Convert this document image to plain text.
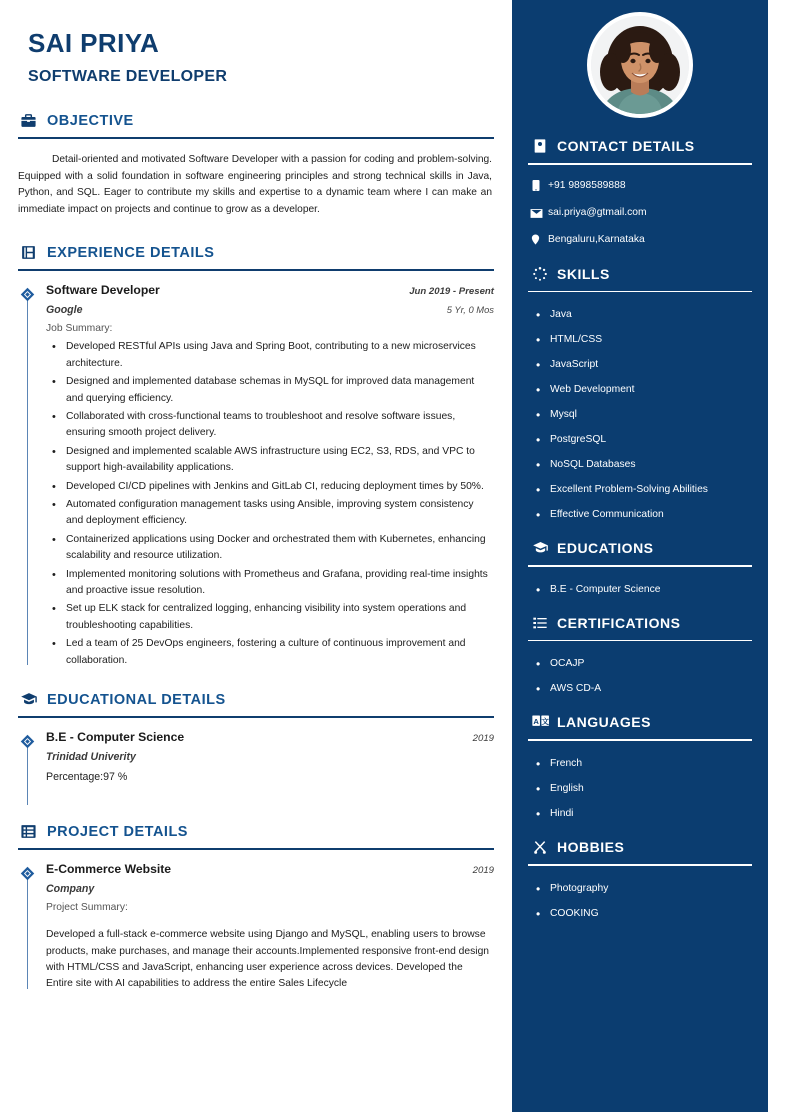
SAI PRIYA
SOFTWARE DEVELOPER
OBJECTIVE
Detail-oriented and motivated Software Developer with a passion for coding and problem-solving. Equipped with a solid foundation in software engineering principles and strong technical skills in Java, Python, and SQL. Eager to contribute my skills and expertise to a dynamic team where I can make an immediate impact on projects and continue to grow as a developer.
EXPERIENCE DETAILS
Software Developer	Jun 2019 - Present
Google	5 Yr, 0 Mos
Job Summary:
• Developed RESTful APIs using Java and Spring Boot, contributing to a new microservices architecture.
• Designed and implemented database schemas in MySQL for improved data management and querying efficiency.
• Collaborated with cross-functional teams to troubleshoot and resolve software issues, ensuring smooth project delivery.
• Designed and implemented scalable AWS infrastructure using EC2, S3, RDS, and VPC to support high-availability applications.
• Developed CI/CD pipelines with Jenkins and GitLab CI, reducing deployment times by 50%.
• Automated configuration management tasks using Ansible, improving system consistency and deployment efficiency.
• Containerized applications using Docker and orchestrated them with Kubernetes, enhancing scalability and resource utilization.
• Implemented monitoring solutions with Prometheus and Grafana, providing real-time insights and proactive issue resolution.
• Set up ELK stack for centralized logging, enhancing visibility into system operations and troubleshooting capabilities.
• Led a team of 25 DevOps engineers, fostering a culture of continuous improvement and collaboration.
EDUCATIONAL DETAILS
B.E - Computer Science	2019
Trinidad Univerity
Percentage:97 %
PROJECT DETAILS
E-Commerce Website	2019
Company
Project Summary:
Developed a full-stack e-commerce website using Django and MySQL, enabling users to browse products, make purchases, and manage their accounts.Implemented responsive front-end design with HTML/CSS and JavaScript, enhancing user experience across devices. Developed the Entire site with AI capabilities to address the entire Sales Lifecycle
CONTACT DETAILS
+91 9898589888
sai.priya@gtmail.com
Bengaluru,Karnataka
SKILLS
• Java
• HTML/CSS
• JavaScript
• Web Development
• Mysql
• PostgreSQL
• NoSQL Databases
• Excellent Problem-Solving Abilities
• Effective Communication
EDUCATIONS
• B.E - Computer Science
CERTIFICATIONS
• OCAJP
• AWS CD-A
A 文 LANGUAGES
• French
• English
• Hindi
HOBBIES
• Photography
• COOKING
